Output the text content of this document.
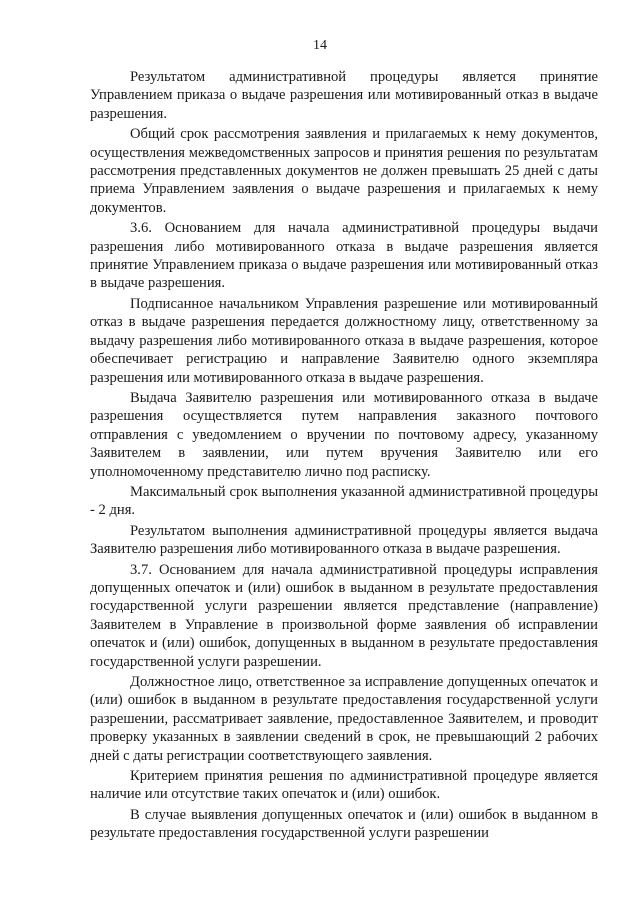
14

Результатом административной процедуры является принятие Управлением приказа о выдаче разрешения или мотивированный отказ в выдаче разрешения.

Общий срок рассмотрения заявления и прилагаемых к нему документов, осуществления межведомственных запросов и принятия решения по результатам рассмотрения представленных документов не должен превышать 25 дней с даты приема Управлением заявления о выдаче разрешения и прилагаемых к нему документов.

3.6. Основанием для начала административной процедуры выдачи разрешения либо мотивированного отказа в выдаче разрешения является принятие Управлением приказа о выдаче разрешения или мотивированный отказ в выдаче разрешения.

Подписанное начальником Управления разрешение или мотивированный отказ в выдаче разрешения передается должностному лицу, ответственному за выдачу разрешения либо мотивированного отказа в выдаче разрешения, которое обеспечивает регистрацию и направление Заявителю одного экземпляра разрешения или мотивированного отказа в выдаче разрешения.

Выдача Заявителю разрешения или мотивированного отказа в выдаче разрешения осуществляется путем направления заказного почтового отправления с уведомлением о вручении по почтовому адресу, указанному Заявителем в заявлении, или путем вручения Заявителю или его уполномоченному представителю лично под расписку.

Максимальный срок выполнения указанной административной процедуры - 2 дня.

Результатом выполнения административной процедуры является выдача Заявителю разрешения либо мотивированного отказа в выдаче разрешения.

3.7. Основанием для начала административной процедуры исправления допущенных опечаток и (или) ошибок в выданном в результате предоставления государственной услуги разрешении является представление (направление) Заявителем в Управление в произвольной форме заявления об исправлении опечаток и (или) ошибок, допущенных в выданном в результате предоставления государственной услуги разрешении.

Должностное лицо, ответственное за исправление допущенных опечаток и (или) ошибок в выданном в результате предоставления государственной услуги разрешении, рассматривает заявление, предоставленное Заявителем, и проводит проверку указанных в заявлении сведений в срок, не превышающий 2 рабочих дней с даты регистрации соответствующего заявления.

Критерием принятия решения по административной процедуре является наличие или отсутствие таких опечаток и (или) ошибок.

В случае выявления допущенных опечаток и (или) ошибок в выданном в результате предоставления государственной услуги разрешении
